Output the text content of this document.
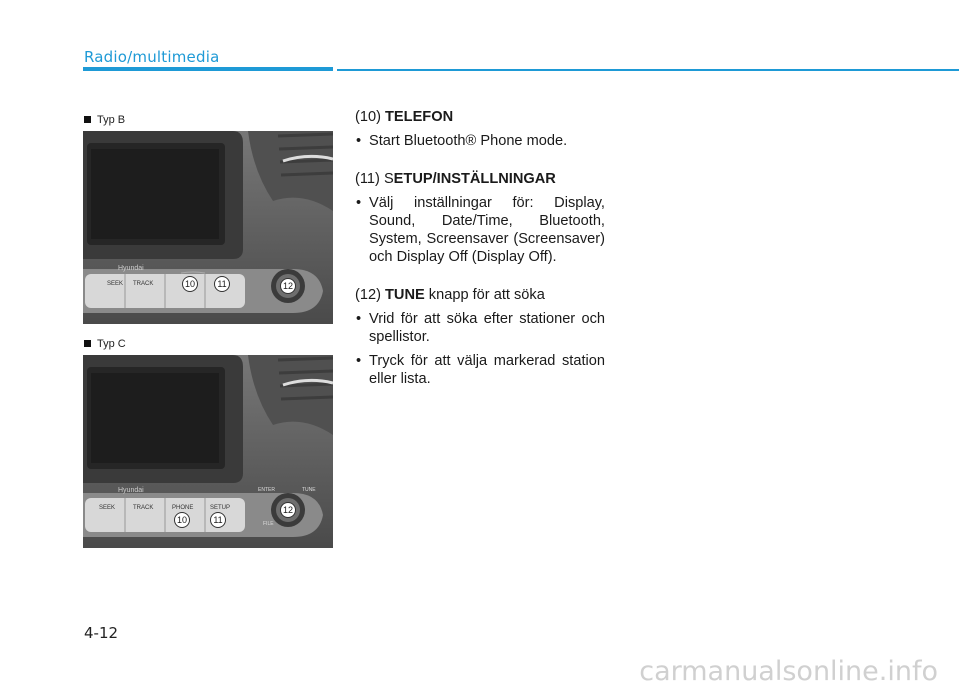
Radio/multimedia
Typ B
Hyundai
SEEK TRACK	10	11	12
Typ C
Hyundai
SEEK	TRACK	PHONE	SETUP
ENTER	TUNE
FILE
10	11
12

(10) TELEFON

• Start Bluetooth® Phone mode.

(11) SETUP/INSTÄLLNINGAR

• Välj inställningar för: Display, Sound, Date/Time, Bluetooth, System, Screensaver (Screensaver) och Display Off (Display Off).

(12) TUNE knapp för att söka

• Vrid för att söka efter stationer och spellistor.

• Tryck för att välja markerad station eller lista.

4-12
carmanualsonline.info
